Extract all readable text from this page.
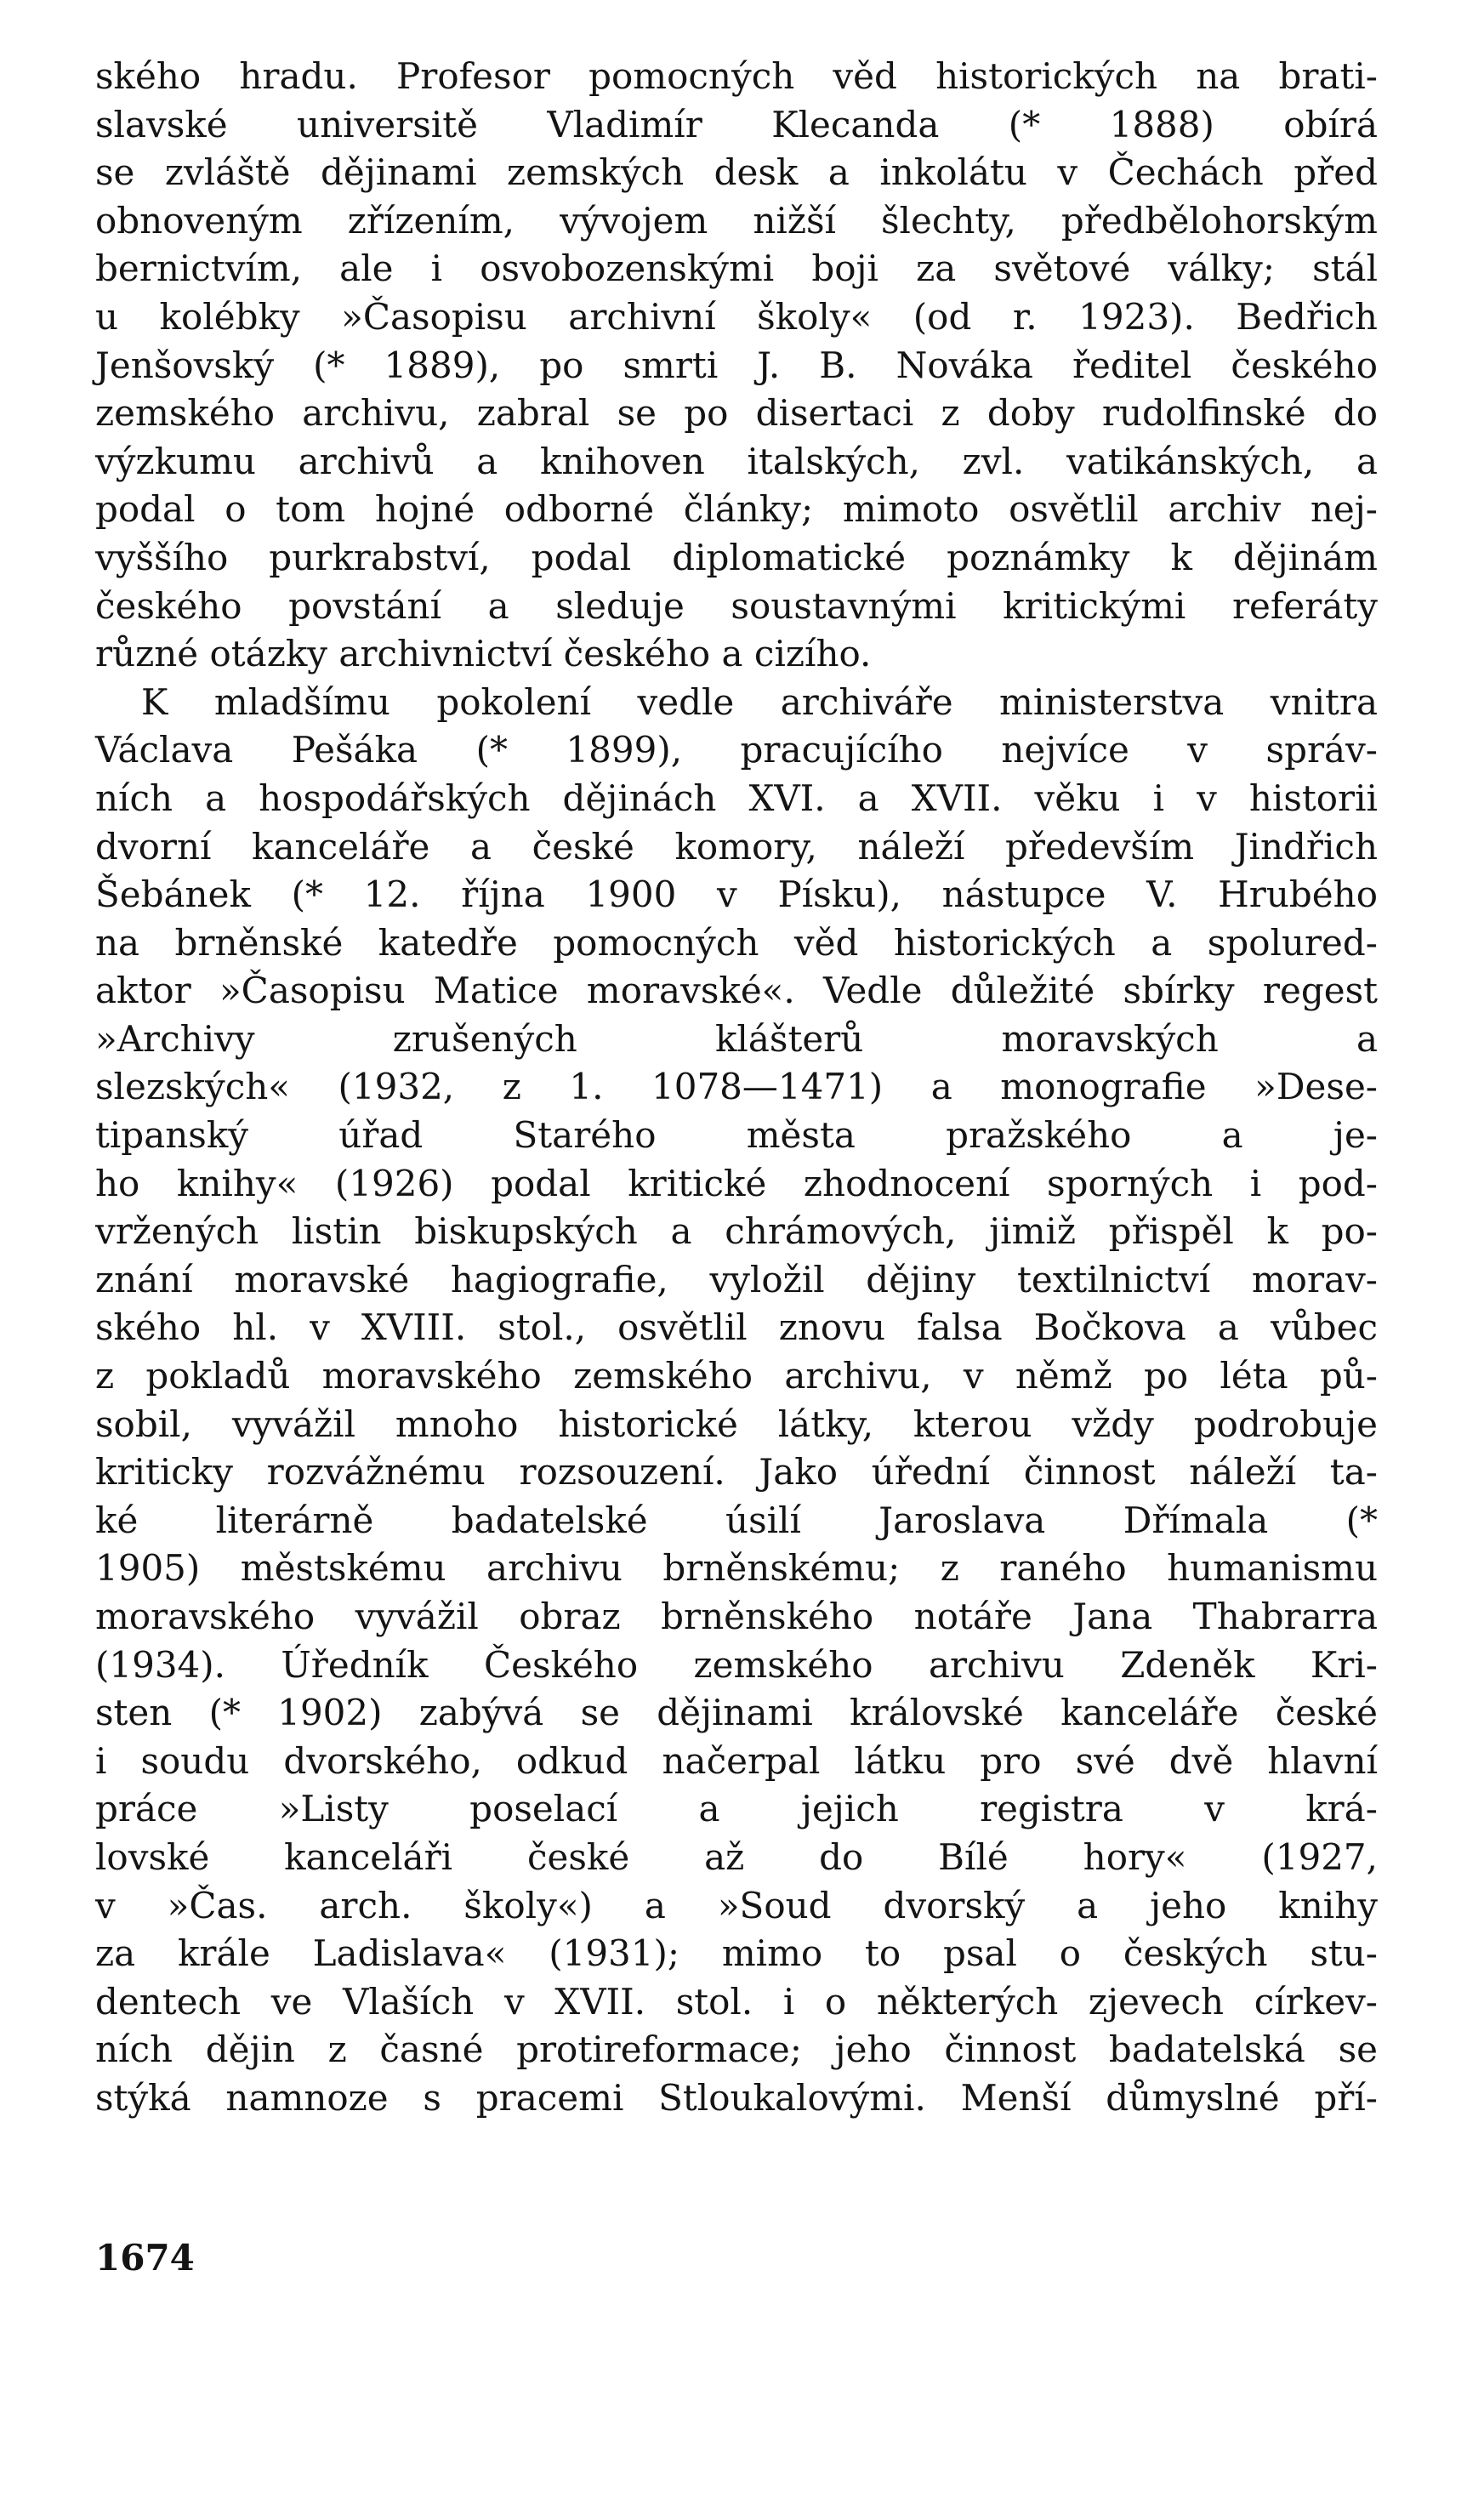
ského hradu. Profesor pomocných věd historických na brati-
slavské universitě Vladimír Klecanda (* 1888) obírá
se zvláště dějinami zemských desk a inkolátu v Čechách před
obnoveným zřízením, vývojem nižší šlechty, předbělohorským
bernictvím, ale i osvobozenskými boji za světové války; stál
u kolébky »Časopisu archivní školy« (od r. 1923). Bedřich
Jenšovský (* 1889), po smrti J. B. Nováka ředitel českého
zemského archivu, zabral se po disertaci z doby rudolfinské do
výzkumu archivů a knihoven italských, zvl. vatikánských, a
podal o tom hojné odborné články; mimoto osvětlil archiv nej-
vyššího purkrabství, podal diplomatické poznámky k dějinám
českého povstání a sleduje soustavnými kritickými referáty
různé otázky archivnictví českého a cizího.
K mladšímu pokolení vedle archiváře ministerstva vnitra
Václava Pešáka (* 1899), pracujícího nejvíce v správ-
ních a hospodářských dějinách XVI. a XVII. věku i v historii
dvorní kanceláře a české komory, náleží především Jindřich
Šebánek (* 12. října 1900 v Písku), nástupce V. Hrubého
na brněnské katedře pomocných věd historických a spolured-
aktor »Časopisu Matice moravské«. Vedle důležité sbírky regest
»Archivy zrušených klášterů moravských a
slezských« (1932, z 1. 1078—1471) a monografie »Dese-
tipanský úřad Starého města pražského a je-
ho knihy« (1926) podal kritické zhodnocení sporných i pod-
vržených listin biskupských a chrámových, jimiž přispěl k po-
znání moravské hagiografie, vyložil dějiny textilnictví morav-
ského hl. v XVIII. stol., osvětlil znovu falsa Bočkova a vůbec
z pokladů moravského zemského archivu, v němž po léta pů-
sobil, vyvážil mnoho historické látky, kterou vždy podrobuje
kriticky rozvážnému rozsouzení. Jako úřední činnost náleží ta-
ké literárně badatelské úsilí Jaroslava Dřímala (*
1905) městskému archivu brněnskému; z raného humanismu
moravského vyvážil obraz brněnského notáře Jana Thabrarra
(1934). Úředník Českého zemského archivu Zdeněk Kri-
sten (* 1902) zabývá se dějinami královské kanceláře české
i soudu dvorského, odkud načerpal látku pro své dvě hlavní
práce »Listy poselací a jejich registra v krá-
lovské kanceláři české až do Bílé hory« (1927,
v »Čas. arch. školy«) a »Soud dvorský a jeho knihy
za krále Ladislava« (1931); mimo to psal o českých stu-
dentech ve Vlaších v XVII. stol. i o některých zjevech církev-
ních dějin z časné protireformace; jeho činnost badatelská se
stýká namnoze s pracemi Stloukalovými. Menší důmyslné pří-
1674
